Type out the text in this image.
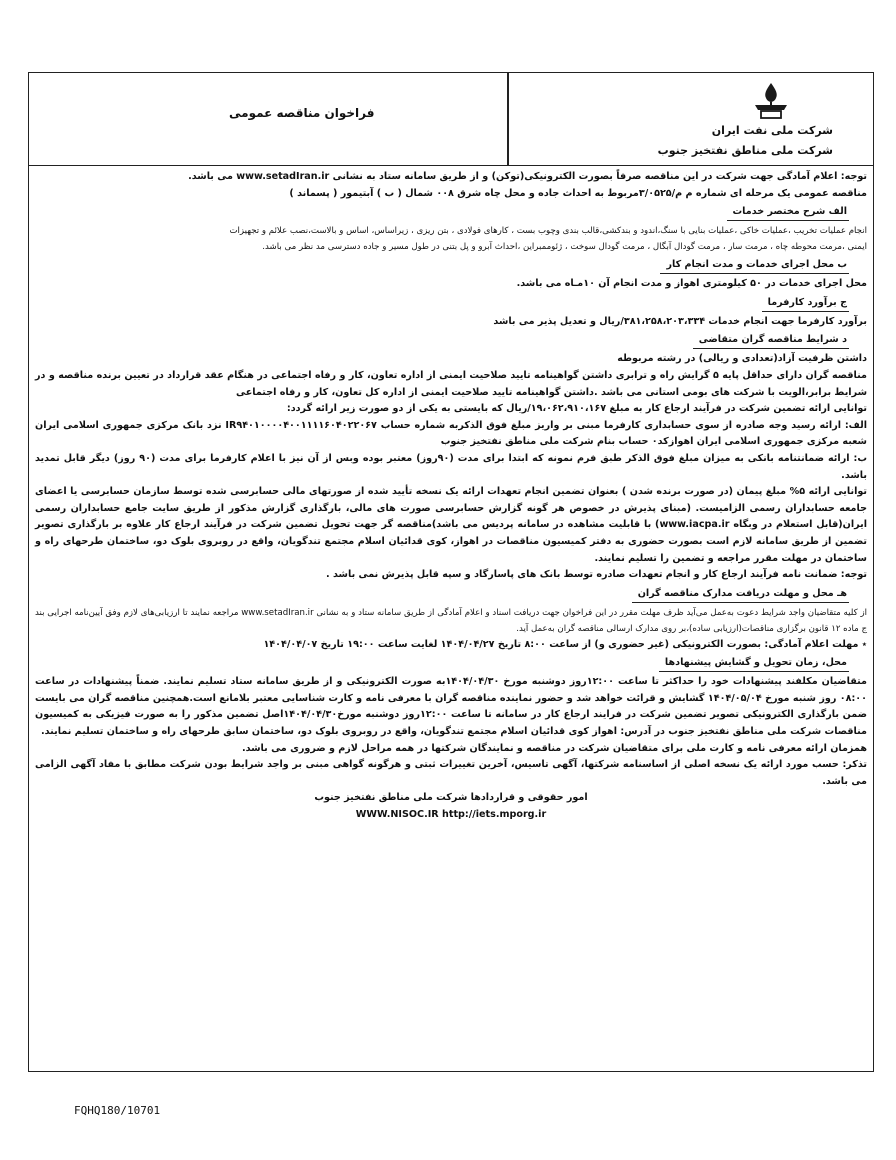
فراخوان مناقصه عمومی
شرکت ملی نفت ایران
شرکت ملی مناطق نفتخیز جنوب

توجه: اعلام آمادگی جهت شرکت در این مناقصه صرفاً بصورت الکترونیکی(توکن) و از طریق سامانه ستاد به نشانی www.setadIran.ir می باشد.

مناقصه عمومی یک مرحله ای شماره م م/۳/۰۵۲۵مربوط به احداث جاده و محل چاه شرق ۰۰۸ شمال ( ب ) آبتیمور ( پسماند )

الف شرح مختصر خدمات

انجام عملیات تخریب ،عملیات خاکی ،عملیات بنایی با سنگ،اندود و بندکشی،قالب بندی وچوب بست ، کارهای فولادی ، بتن ریزی ، زیراساس، اساس و بالاست،نصب علائم و تجهیزات

ایمنی ،مرمت محوطه چاه ، مرمت سار ، مرمت گودال آبگال ، مرمت گودال سوخت ، ژئوممبراین ،احداث آبرو و پل بتنی در طول مسیر و جاده دسترسی مد نظر می باشد.

ب محل اجرای خدمات و مدت انجام کار

محل اجرای خدمات در ۵۰ کیلومتری اهواز و مدت انجام آن ۱۰مـاه می باشد.

ج برآورد کارفرما

برآورد کارفرما جهت انجام خدمات ۳۸۱،۲۵۸،۲۰۳،۳۳۴/ریال و تعدیل پذیر می باشد

د شرایط مناقصه گران متقاضی

داشتن ظرفیت آزاد(تعدادی و ریالی) در رشته مربوطه

مناقصه گران دارای حداقل پایه ۵ گرایش راه و ترابری داشتن گواهینامه تایید صلاحیت ایمنی از اداره تعاون، کار و رفاه اجتماعی در هنگام عقد قرارداد در تعیین برنده مناقصه و در شرایط برابر،الویت با شرکت های بومی استانی می باشد .داشتن گواهینامه تایید صلاحیت ایمنی از اداره کل تعاون، کار و رفاه اجتماعی

توانایی ارائه تضمین شرکت در فرآیند ارجاع کار به مبلغ ۱۹،۰۶۲،۹۱۰،۱۶۷/ریال که بایستی به یکی از دو صورت زیر ارائه گردد:

الف: ارائه رسید وجه صادره از سوی حسابداری کارفرما مبنی بر واریز مبلغ فوق الذکربه شماره حساب IR۹۴۰۱۰۰۰۰۴۰۰۱۱۱۱۶۰۴۰۲۲۰۶۷ نزد بانک مرکزی جمهوری اسلامی ایران شعبه مرکزی جمهوری اسلامی ایران اهوازکد۰ حساب بنام شرکت ملی مناطق نفتخیز جنوب

ب: ارائه ضمانتنامه بانکی به میزان مبلغ فوق الذکر طبق فرم نمونه که ابتدا برای مدت (۹۰روز) معتبر بوده وبس از آن نیز با اعلام کارفرما برای مدت (۹۰ روز) دیگر قابل تمدید باشد.

توانایی ارائه ۵% مبلغ پیمان (در صورت برنده شدن ) بعنوان تضمین انجام تعهدات ارائه یک نسخه تأیید شده از صورتهای مالی حسابرسی شده توسط سازمان حسابرسی یا اعضای جامعه حسابداران رسمی الزامیست. (مبنای پذیرش در خصوص هر گونه گزارش حسابرسی صورت های مالی، بارگذاری گزارش مذکور از طریق سایت جامع حسابداران رسمی ایران(قابل استعلام در وبگاه www.iacpa.ir) با قابلیت مشاهده در سامانه پردیس می باشد)مناقصه گر جهت تحویل تضمین شرکت در فرآیند ارجاع کار علاوه بر بارگذاری تصویر تضمین از طریق سامانه لازم است بصورت حضوری به دفتر کمیسیون مناقصات در اهواز، کوی قدائیان اسلام مجتمع تندگویان، واقع در روبروی بلوک دو، ساختمان طرحهای راه و ساختمان در مهلت مقرر مراجعه و تضمین را تسلیم نمایند.

توجه: ضمانت نامه فرآیند ارجاع کار و انجام تعهدات صادره توسط بانک های پاسارگاد و سپه قابل پذیرش نمی باشد .

هـ محل و مهلت دریافت مدارک مناقصه گران

از کلیه متقاضیان واجد شرایط دعوت به‌عمل می‌آید ظرف مهلت مقرر در این فراخوان جهت دریافت اسناد و اعلام آمادگی از طریق سامانه ستاد و به نشانی www.setadIran.ir مراجعه نمایند تا ارزیابی‌های لازم وفق آیین‌نامه اجرایی بند ج ماده ۱۲ قانون برگزاری مناقصات(ارزیابی ساده)،بر روی مدارک ارسالی مناقصه گران به‌عمل آید.

٭ مهلت اعلام آمادگی: بصورت الکترونیکی (غیر حضوری و) از ساعت ۸:۰۰ تاریخ ۱۴۰۴/۰۴/۲۷ لغایت ساعت ۱۹:۰۰ تاریخ ۱۴۰۴/۰۴/۰۷

محل، زمان تحویل و گشایش پیشنهادها

متقاضیان مکلفند پیشنهادات خود را حداکثر تا ساعت ۱۲:۰۰روز دوشنبه مورخ ۱۴۰۴/۰۴/۳۰به صورت الکترونیکی و از طریق سامانه ستاد تسلیم نمایند. ضمناً پیشنهادات در ساعت ۰۸:۰۰ روز شنبه مورخ ۱۴۰۴/۰۵/۰۴ گشایش و قرائت خواهد شد و حضور نماینده مناقصه گران با معرفی نامه و کارت شناسایی معتبر بلامانع است.همچنین مناقصه گران می بایست ضمن بارگذاری الکترونیکی تصویر تضمین شرکت در فرایند ارجاع کار در سامانه تا ساعت ۱۲:۰۰روز دوشنبه مورخ۱۴۰۴/۰۴/۳۰اصل تضمین مذکور را به صورت فیزیکی به کمیسیون مناقصات شرکت ملی مناطق نفتخیز جنوب در آدرس: اهواز کوی قدائیان اسلام مجتمع تندگویان، واقع در روبروی بلوک دو، ساختمان سابق طرحهای راه و ساختمان تسلیم نمایند.

همزمان ارائه معرفی نامه و کارت ملی برای متقاضیان شرکت در مناقصه و نمایندگان شرکتها در همه مراحل لازم و ضروری می باشد.

تذکر: حسب مورد ارائه یک نسخه اصلی از اساسنامه شرکتها، آگهی تاسیس، آخرین تغییرات ثبتی و هرگونه گواهی مبنی بر واجد شرایط بودن شرکت مطابق با مفاد آگهی الزامی می باشد.

امور حقوقی و قراردادها شرکت ملی مناطق نفتخیز جنوب

WWW.NISOC.IR http://iets.mporg.ir

FQHQ180/10701
